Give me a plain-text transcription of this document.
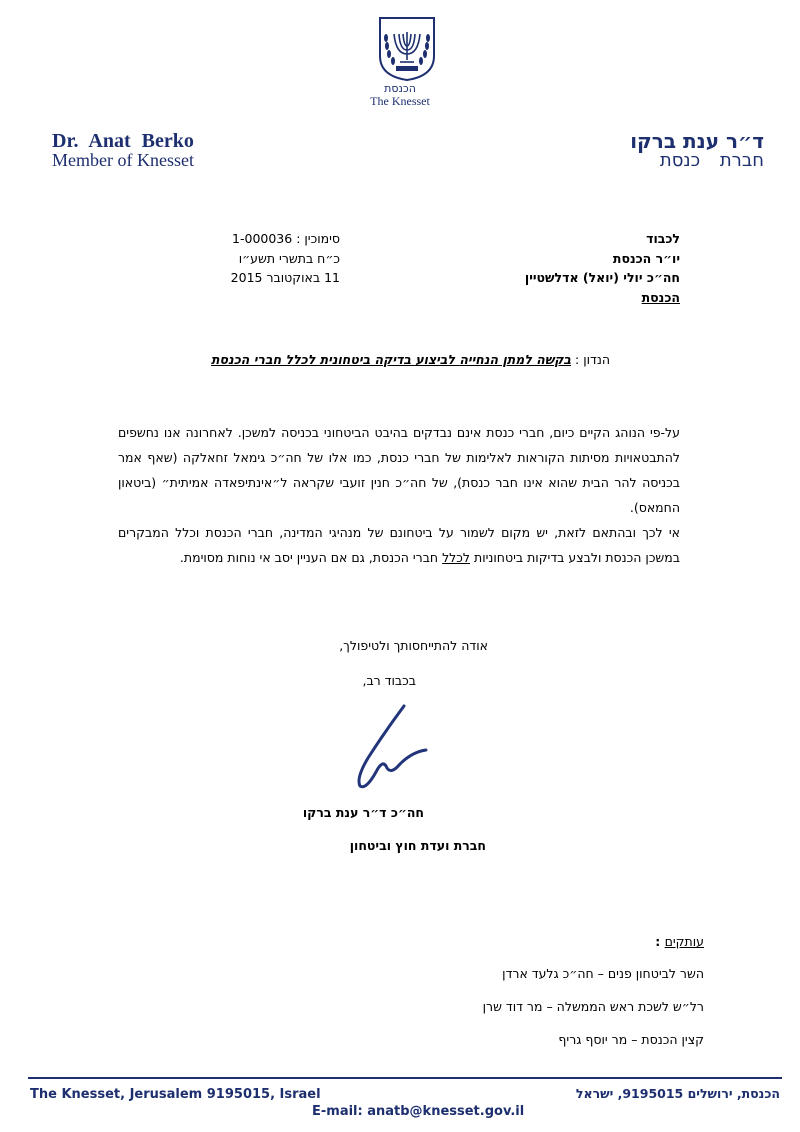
הכנסת
The Knesset
Dr. Anat Berko
Member of Knesset
ד״ר ענת ברקו
חברת כנסת
לכבוד
יו״ר הכנסת
חה״כ יולי (יואל) אדלשטיין
הכנסת
סימוכין : 1-000036
כ״ח בתשרי תשע״ו
11 באוקטובר 2015
הנדון : בקשה למתן הנחייה לביצוע בדיקה ביטחונית לכלל חברי הכנסת

על-פי הנוהג הקיים כיום, חברי כנסת אינם נבדקים בהיבט הביטחוני בכניסה למשכן. לאחרונה אנו נחשפים להתבטאויות מסיתות הקוראות לאלימות של חברי כנסת, כמו אלו של חה״כ גימאל זחאלקה (שאף אמר בכניסה להר הבית שהוא אינו חבר כנסת), של חה״כ חנין זועבי שקראה ל״אינתיפאדה אמיתית״ (ביטאון החמאס).

אי לכך ובהתאם לזאת, יש מקום לשמור על ביטחונם של מנהיגי המדינה, חברי הכנסת וכלל המבקרים במשכן הכנסת ולבצע בדיקות ביטחוניות לכלל חברי הכנסת, גם אם העניין יסב אי נוחות מסוימת.

אודה להתייחסותך ולטיפולך,
בכבוד רב,
חה״כ ד״ר ענת ברקו
חברת ועדת חוץ וביטחון
עותקים :
השר לביטחון פנים – חה״כ גלעד ארדן
רל״ש לשכת ראש הממשלה – מר דוד שרן
קצין הכנסת – מר יוסף גריף
The Knesset, Jerusalem 9195015, Israel	הכנסת, ירושלים 9195015, ישראל
E-mail: anatb@knesset.gov.il
